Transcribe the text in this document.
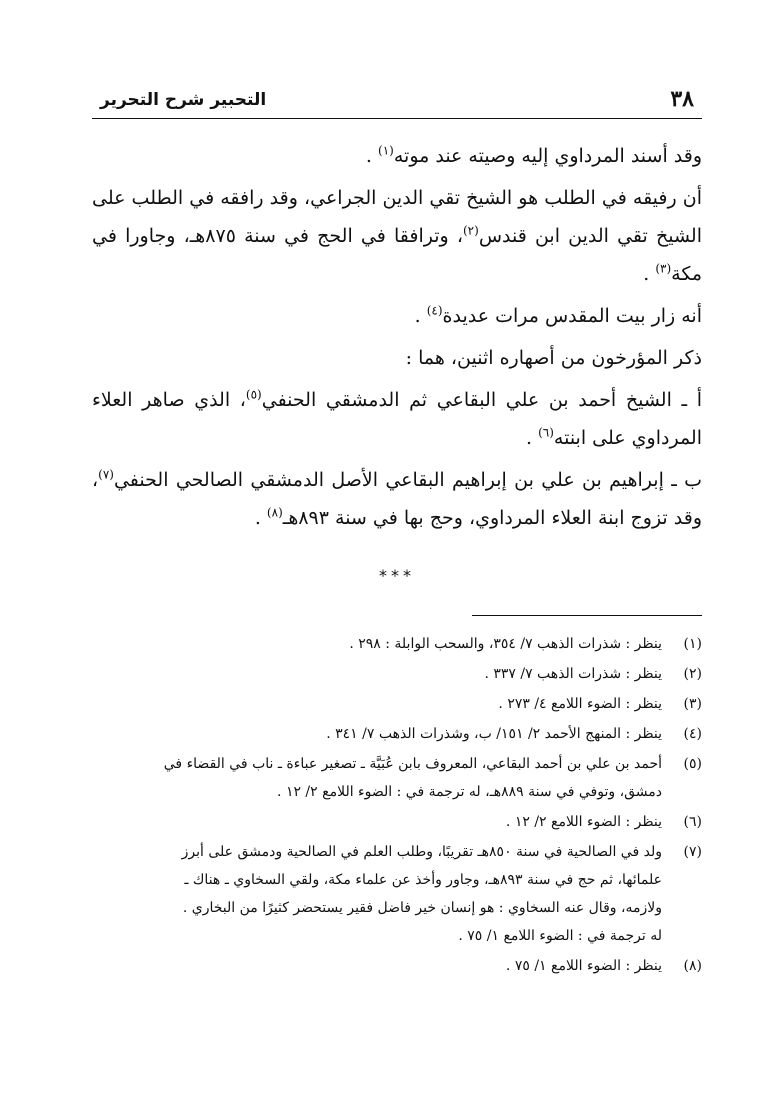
٣٨
التحبير شرح التحرير

وقد أسند المرداوي إليه وصيته عند موته$^{(١)}$ .

أن رفيقه في الطلب هو الشيخ تقي الدين الجراعي، وقد رافقه في الطلب على الشيخ تقي الدين ابن قندس$^{(٢)}$، وترافقا في الحج في سنة ٨٧٥هـ، وجاورا في مكة$^{(٣)}$ .

أنه زار بيت المقدس مرات عديدة$^{(٤)}$ .

ذكر المؤرخون من أصهاره اثنين، هما :

أ ـ الشيخ أحمد بن علي البقاعي ثم الدمشقي الحنفي$^{(٥)}$، الذي صاهر العلاء المرداوي على ابنته$^{(٦)}$ .

ب ـ إبراهيم بن علي بن إبراهيم البقاعي الأصل الدمشقي الصالحي الحنفي$^{(٧)}$، وقد تزوج ابنة العلاء المرداوي، وحج بها في سنة ٨٩٣هـ$^{(٨)}$ .

***
(١)
ينظر : شذرات الذهب ٧/ ٣٥٤، والسحب الوابلة : ٢٩٨ .
(٢)
ينظر : شذرات الذهب ٧/ ٣٣٧ .
(٣)
ينظر : الضوء اللامع ٤/ ٢٧٣ .
(٤)
ينظر : المنهج الأحمد ٢/ ١٥١/ ب، وشذرات الذهب ٧/ ٣٤١ .
(٥)
أحمد بن علي بن أحمد البقاعي، المعروف بابن عُبَيَّة ـ تصغير عباءة ـ ناب في القضاء في
دمشق، وتوفي في سنة ٨٨٩هـ، له ترجمة في : الضوء اللامع ٢/ ١٢ .
(٦)
ينظر : الضوء اللامع ٢/ ١٢ .
(٧)
ولد في الصالحية في سنة ٨٥٠هـ تقريبًا، وطلب العلم في الصالحية ودمشق على أبرز
علمائها، ثم حج في سنة ٨٩٣هـ، وجاور وأخذ عن علماء مكة، ولقي السخاوي ـ هناك ـ
ولازمه، وقال عنه السخاوي : هو إنسان خير فاضل فقير يستحضر كثيرًا من البخاري .
له ترجمة في : الضوء اللامع ١/ ٧٥ .
(٨)
ينظر : الضوء اللامع ١/ ٧٥ .
